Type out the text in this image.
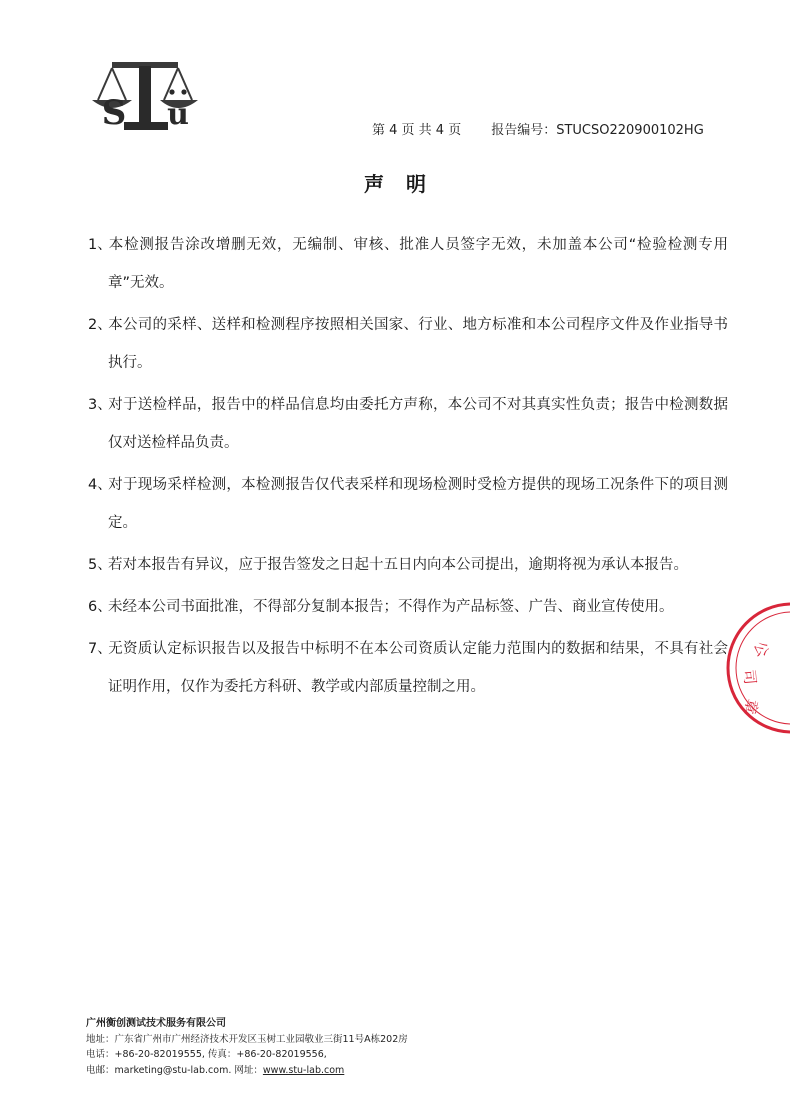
S u	第 4 页 共 4 页 报告编号：STUCSO220900102HG
声明

1、本检测报告涂改增删无效，无编制、审核、批准人员签字无效，未加盖本公司“检验检测专用章”无效。

2、本公司的采样、送样和检测程序按照相关国家、行业、地方标准和本公司程序文件及作业指导书执行。

3、对于送检样品，报告中的样品信息均由委托方声称，本公司不对其真实性负责；报告中检测数据仅对送检样品负责。

4、对于现场采样检测，本检测报告仅代表采样和现场检测时受检方提供的现场工况条件下的项目测定。

5、若对本报告有异议，应于报告签发之日起十五日内向本公司提出，逾期将视为承认本报告。

6、未经本公司书面批准，不得部分复制本报告；不得作为产品标签、广告、商业宣传使用。

7、无资质认定标识报告以及报告中标明不在本公司资质认定能力范围内的数据和结果，不具有社会证明作用，仅作为委托方科研、教学或内部质量控制之用。

公
司
章
广州衡创测试技术服务有限公司
地址：广东省广州市广州经济技术开发区玉树工业园敬业三街11号A栋202房
电话：+86-20-82019555, 传真：+86-20-82019556,
电邮：marketing@stu-lab.com. 网址：www.stu-lab.com
